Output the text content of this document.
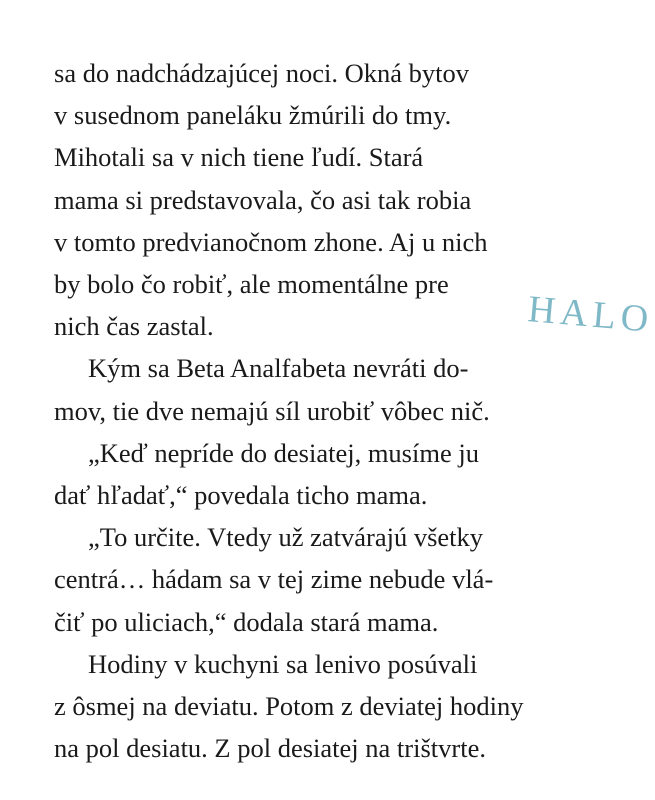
sa do nadchádzajúcej noci. Okná bytov
v susednom paneláku žmúrili do tmy.
Mihotali sa v nich tiene ľudí. Stará
mama si predstavovala, čo asi tak robia
v tomto predvianočnom zhone. Aj u nich
by bolo čo robiť, ale momentálne pre
nich čas zastal.
Kým sa Beta Analfabeta nevráti do-
mov, tie dve nemajú síl urobiť vôbec nič.
„Keď nepríde do desiatej, musíme ju
dať hľadať,“ povedala ticho mama.
„To určite. Vtedy už zatvárajú všetky
centrá… hádam sa v tej zime nebude vlá-
čiť po uliciach,“ dodala stará mama.
Hodiny v kuchyni sa lenivo posúvali
z ôsmej na deviatu. Potom z deviatej hodiny
na pol desiatu. Z pol desiatej na trištvrte.
HALO
